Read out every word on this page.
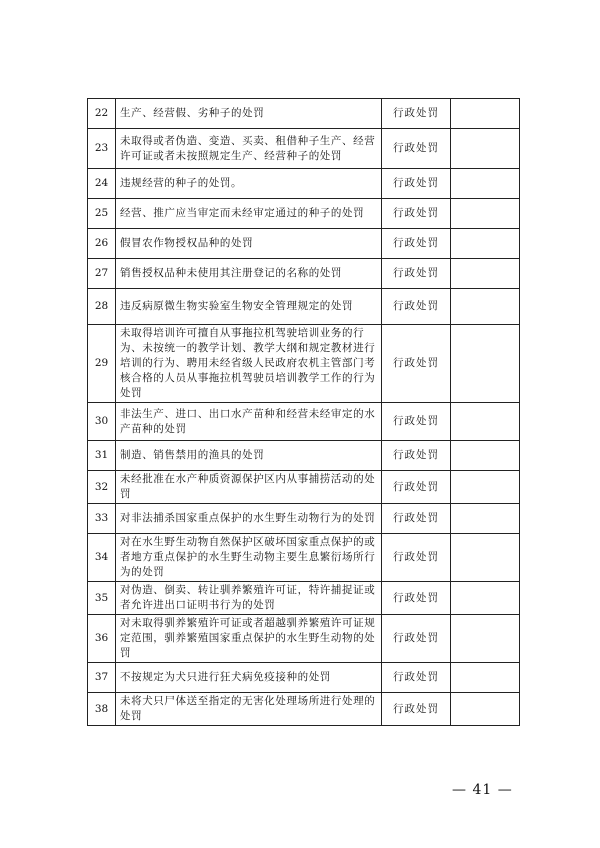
22	生产、经营假、劣种子的处罚	行政处罚	
23	未取得或者伪造、变造、买卖、租借种子生产、经营许可证或者未按照规定生产、经营种子的处罚	行政处罚	
24	违规经营的种子的处罚。	行政处罚	
25	经营、推广应当审定而未经审定通过的种子的处罚	行政处罚	
26	假冒农作物授权品种的处罚	行政处罚	
27	销售授权品种未使用其注册登记的名称的处罚	行政处罚	
28	违反病原微生物实验室生物安全管理规定的处罚	行政处罚	
29	未取得培训许可擅自从事拖拉机驾驶培训业务的行为、未按统一的教学计划、教学大纲和规定教材进行培训的行为、聘用未经省级人民政府农机主管部门考核合格的人员从事拖拉机驾驶员培训教学工作的行为处罚	行政处罚	
30	非法生产、进口、出口水产苗种和经营未经审定的水产苗种的处罚	行政处罚	
31	制造、销售禁用的渔具的处罚	行政处罚	
32	未经批准在水产种质资源保护区内从事捕捞活动的处罚	行政处罚	
33	对非法捕杀国家重点保护的水生野生动物行为的处罚	行政处罚	
34	对在水生野生动物自然保护区破坏国家重点保护的或者地方重点保护的水生野生动物主要生息繁衍场所行为的处罚	行政处罚	
35	对伪造、倒卖、转让驯养繁殖许可证，特许捕捉证或者允许进出口证明书行为的处罚	行政处罚	
36	对未取得驯养繁殖许可证或者超越驯养繁殖许可证规定范围，驯养繁殖国家重点保护的水生野生动物的处罚	行政处罚	
37	不按规定为犬只进行狂犬病免疫接种的处罚	行政处罚	
38	未将犬只尸体送至指定的无害化处理场所进行处理的处罚	行政处罚	
— 41 —
